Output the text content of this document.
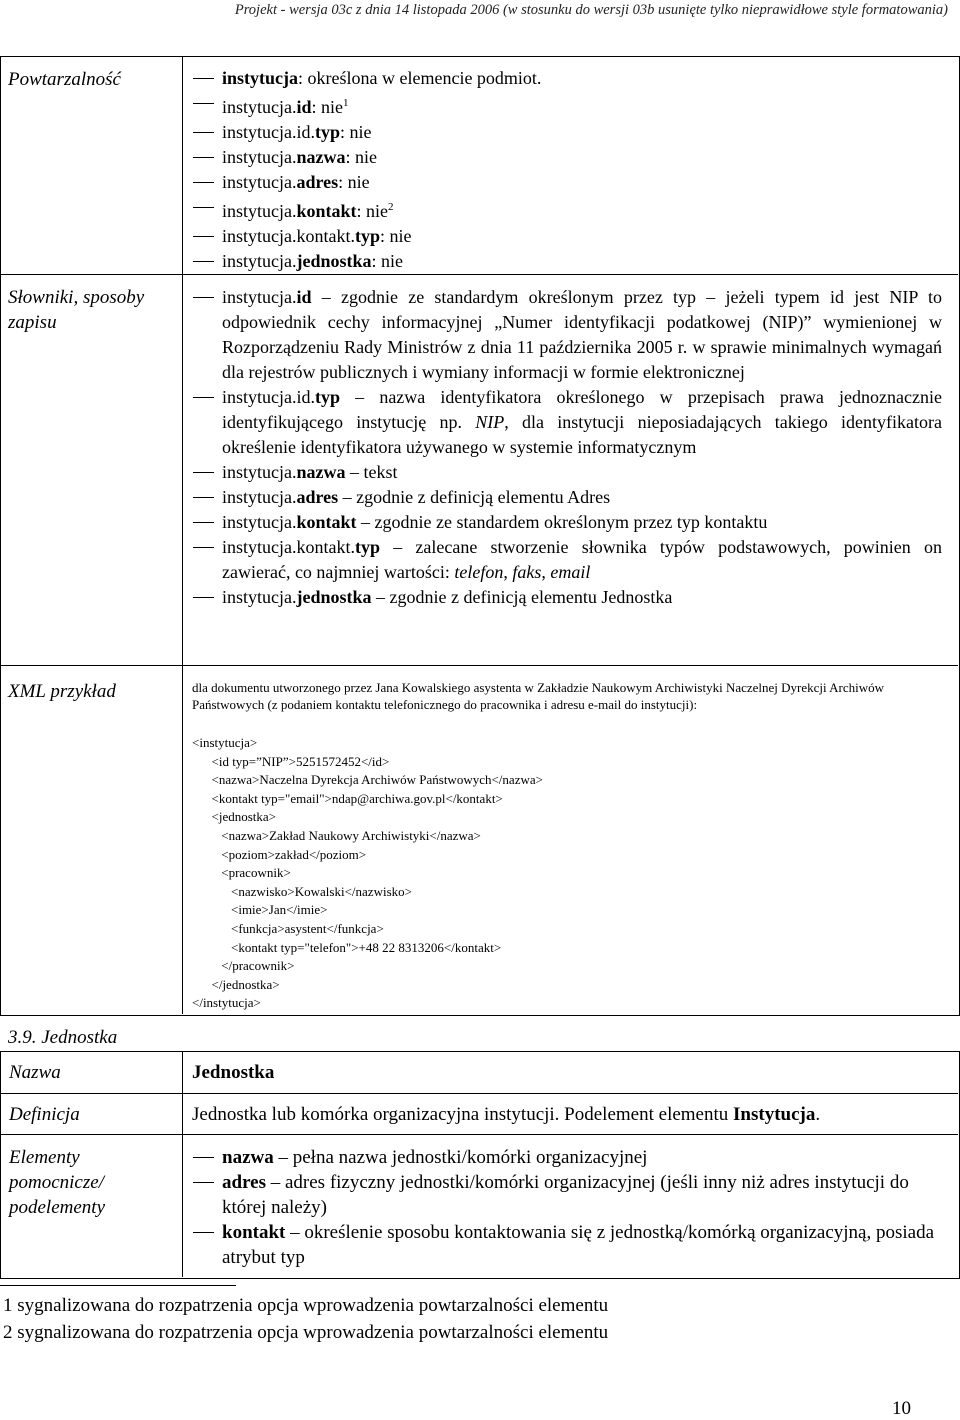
Projekt - wersja 03c z dnia 14 listopada 2006 (w stosunku do wersji 03b usunięte tylko nieprawidłowe style formatowania)
Powtarzalność
Słowniki, sposoby zapisu
XML przykład
instytucja: określona w elemencie podmiot.
instytucja.id: nie$^1$
instytucja.id.typ: nie
instytucja.nazwa: nie
instytucja.adres: nie
instytucja.kontakt: nie$^2$
instytucja.kontakt.typ: nie
instytucja.jednostka: nie
instytucja.id – zgodnie ze standardym określonym przez typ – jeżeli typem id jest NIP to odpowiednik cechy informacyjnej „Numer identyfikacji podatkowej (NIP)” wymienionej w Rozporządzeniu Rady Ministrów z dnia 11 października 2005 r. w sprawie minimalnych wymagań dla rejestrów publicznych i wymiany informacji w formie elektronicznej
instytucja.id.typ – nazwa identyfikatora określonego w przepisach prawa jednoznacznie identyfikującego instytucję np. NIP, dla instytucji nieposiadających takiego identyfikatora określenie identyfikatora używanego w systemie informatycznym
instytucja.nazwa – tekst
instytucja.adres – zgodnie z definicją elementu Adres
instytucja.kontakt – zgodnie ze standardem określonym przez typ kontaktu
instytucja.kontakt.typ – zalecane stworzenie słownika typów podstawowych, powinien on zawierać, co najmniej wartości: telefon, faks, email
instytucja.jednostka – zgodnie z definicją elementu Jednostka
dla dokumentu utworzonego przez Jana Kowalskiego asystenta w Zakładzie Naukowym Archiwistyki Naczelnej Dyrekcji Archiwów Państwowych (z podaniem kontaktu telefonicznego do pracownika i adresu e-mail do instytucji):
<instytucja>
<id typ=”NIP”>5251572452</id>
<nazwa>Naczelna Dyrekcja Archiwów Państwowych</nazwa>
<kontakt typ="email">ndap@archiwa.gov.pl</kontakt>
<jednostka>
<nazwa>Zakład Naukowy Archiwistyki</nazwa>
<poziom>zakład</poziom>
<pracownik>
<nazwisko>Kowalski</nazwisko>
<imie>Jan</imie>
<funkcja>asystent</funkcja>
<kontakt typ="telefon">+48 22 8313206</kontakt>
</pracownik>
</jednostka>
</instytucja>
3.9. Jednostka
Nazwa	Jednostka
Definicja	Jednostka lub komórka organizacyjna instytucji. Podelement elementu Instytucja.
Elementy pomocnicze/ podelementy
nazwa – pełna nazwa jednostki/komórki organizacyjnej
adres – adres fizyczny jednostki/komórki organizacyjnej (jeśli inny niż adres instytucji do której należy)
kontakt – określenie sposobu kontaktowania się z jednostką/komórką organizacyjną, posiada atrybut typ
1 sygnalizowana do rozpatrzenia opcja wprowadzenia powtarzalności elementu
2 sygnalizowana do rozpatrzenia opcja wprowadzenia powtarzalności elementu
10
